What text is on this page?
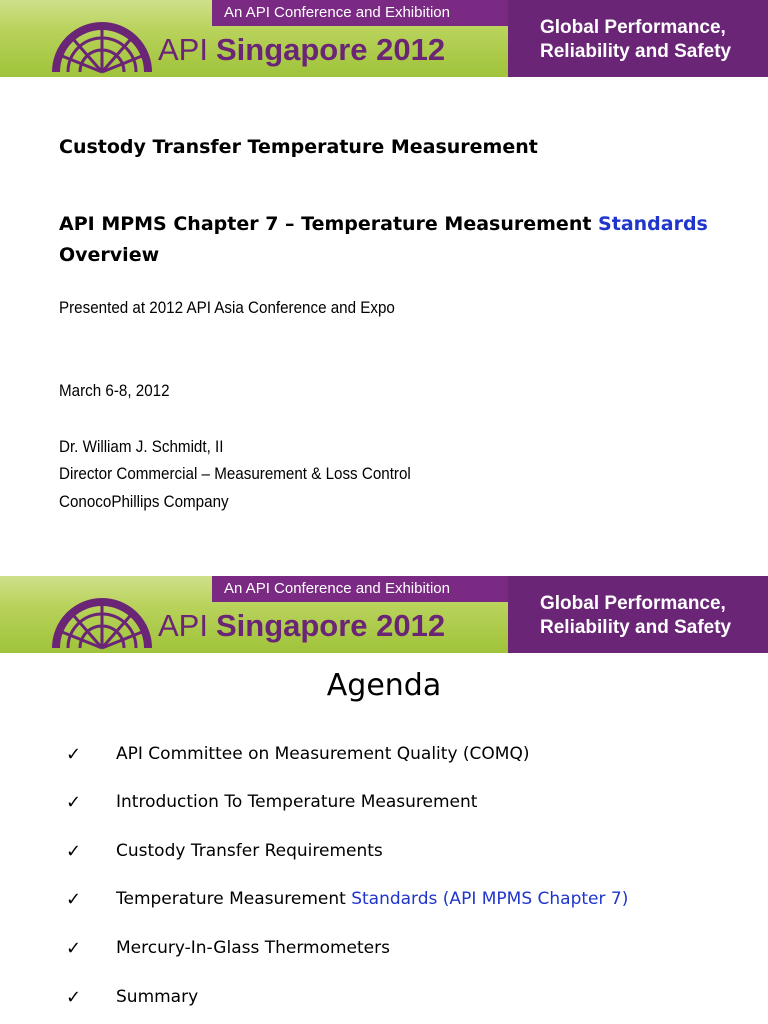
An API Conference and Exhibition
API Singapore 2012
Global Performance,
Reliability and Safety
Custody Transfer Temperature Measurement
API MPMS Chapter 7 – Temperature Measurement Standards
Overview
Presented at 2012 API Asia Conference and Expo
March 6-8, 2012
Dr. William J. Schmidt, II
Director Commercial – Measurement & Loss Control
ConocoPhillips Company
An API Conference and Exhibition
API Singapore 2012
Global Performance,
Reliability and Safety
Agenda
✓ API Committee on Measurement Quality (COMQ)
✓ Introduction To Temperature Measurement
✓ Custody Transfer Requirements
✓ Temperature Measurement Standards (API MPMS Chapter 7)
✓ Mercury-In-Glass Thermometers
✓ Summary
